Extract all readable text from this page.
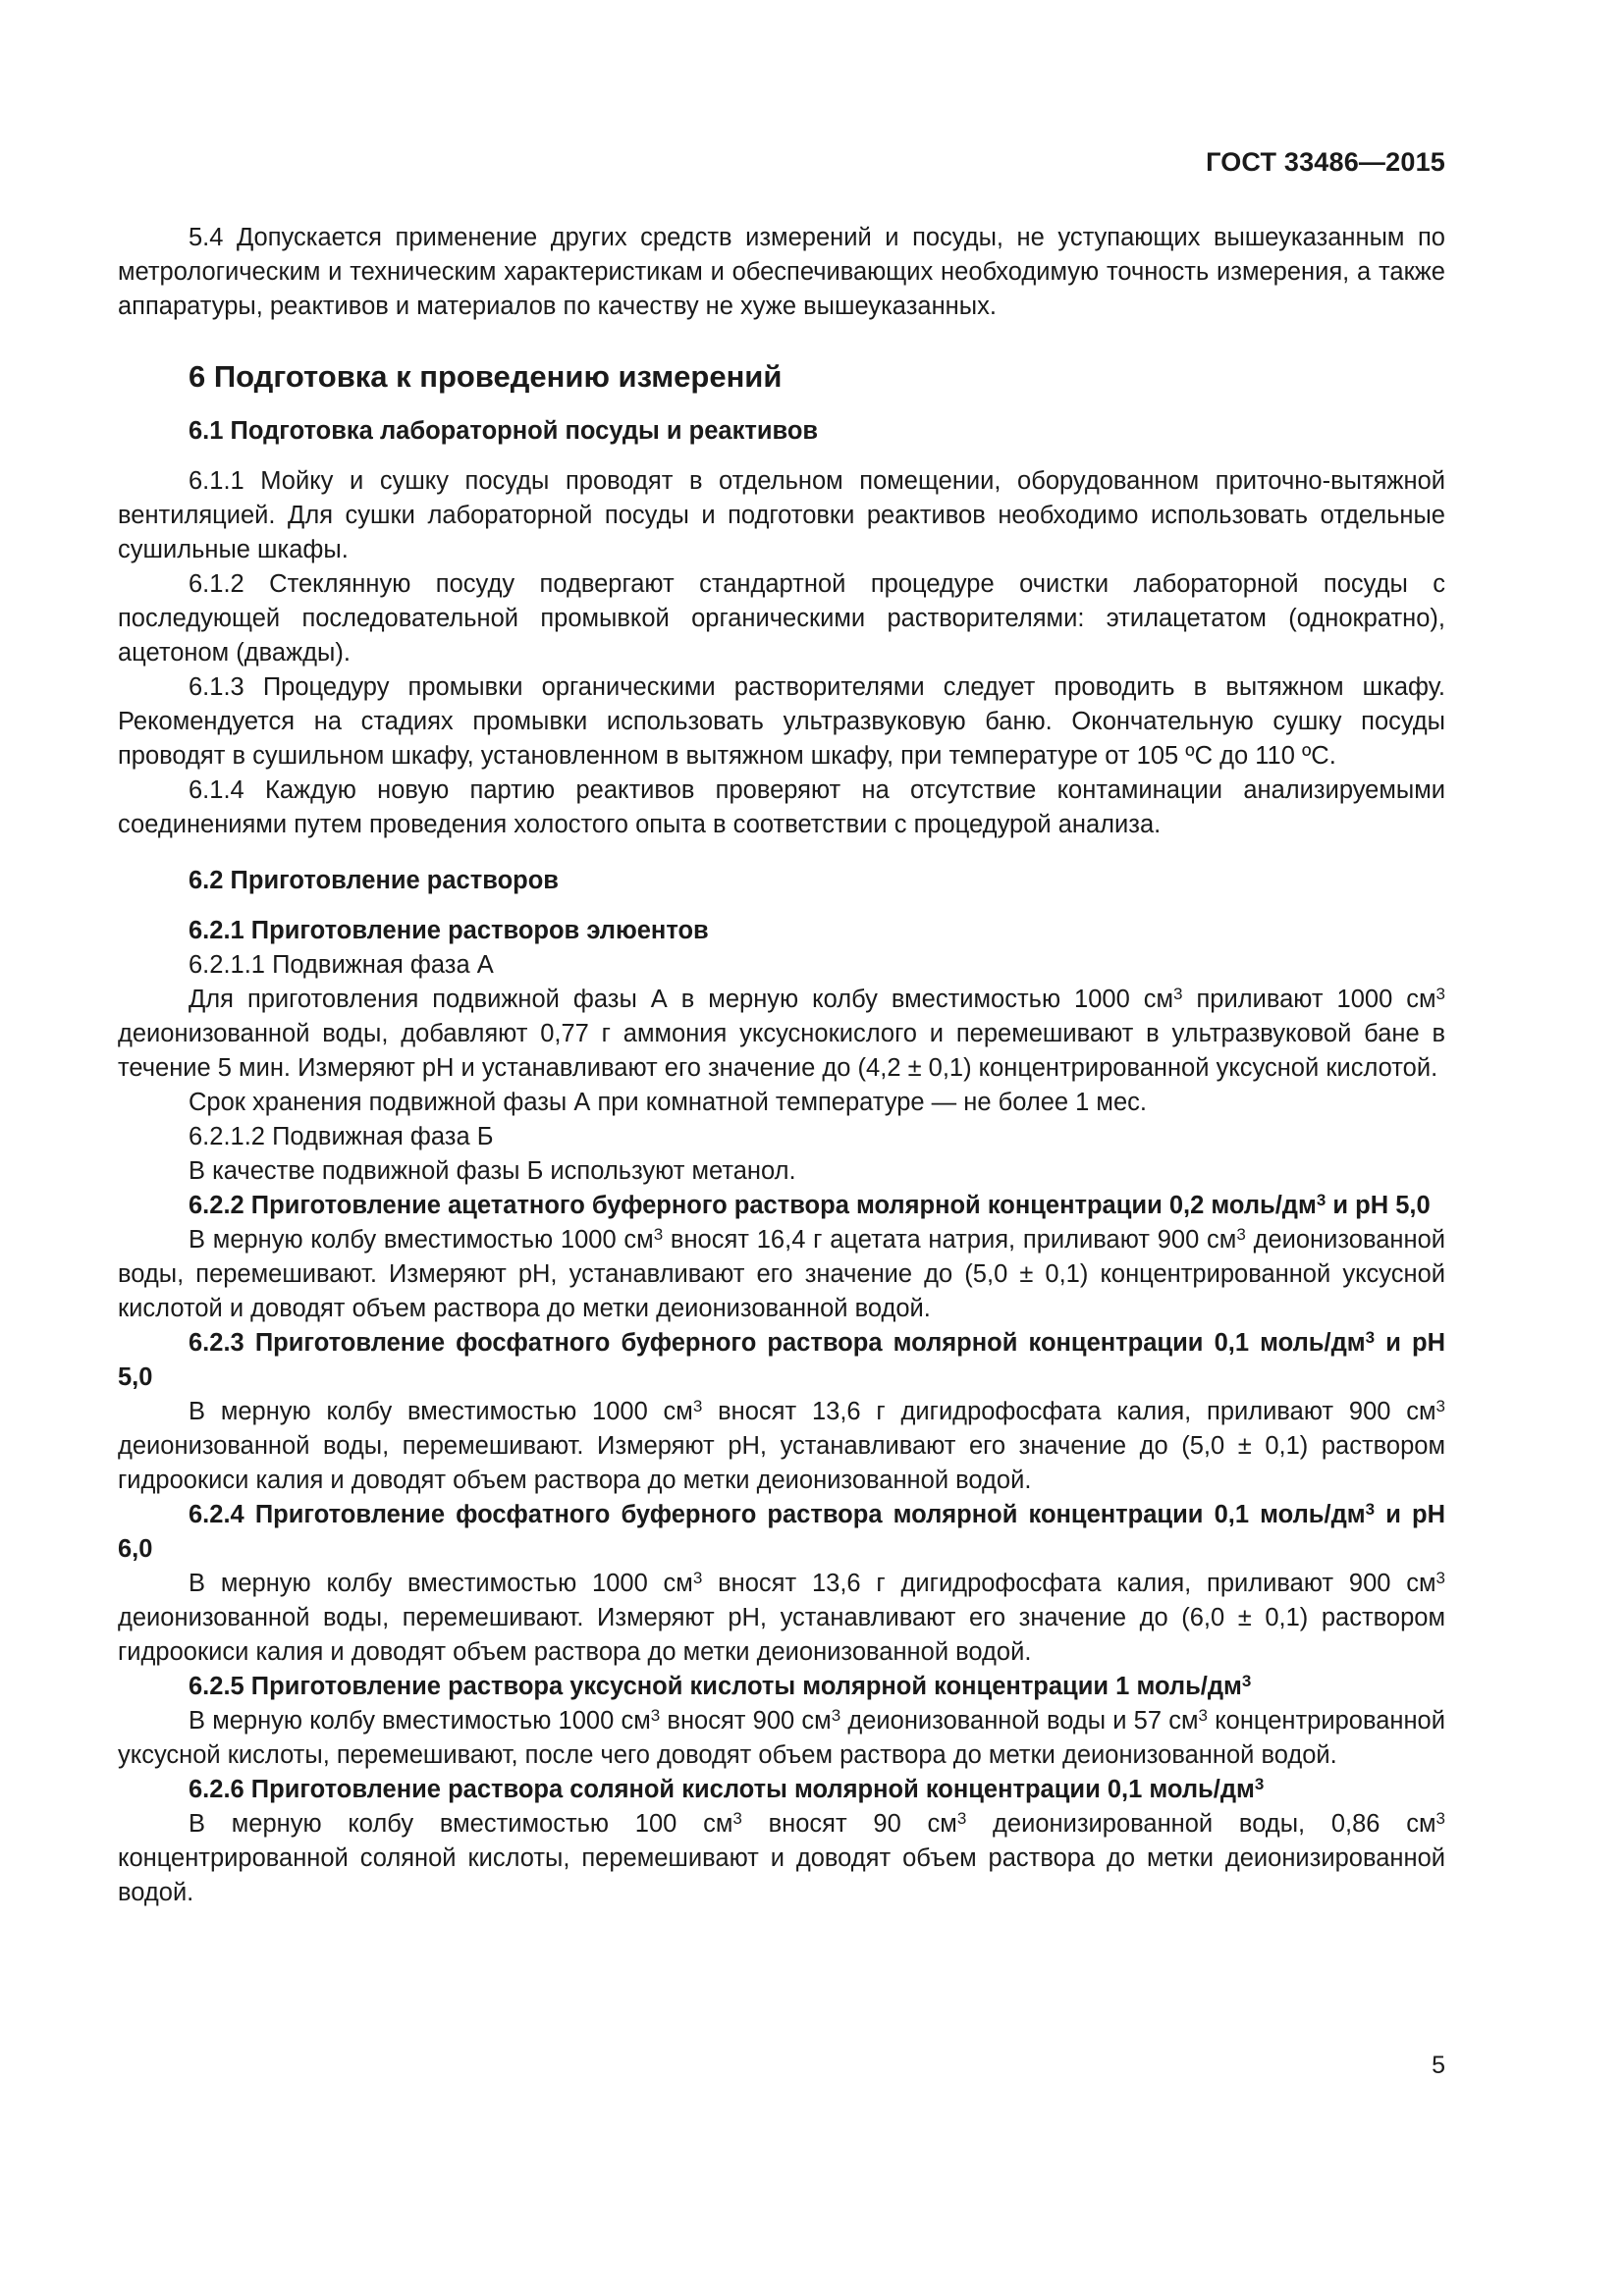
ГОСТ 33486—2015

5.4 Допускается применение других средств измерений и посуды, не уступающих вышеуказанным по метрологическим и техническим характеристикам и обеспечивающих необходимую точность измерения, а также аппаратуры, реактивов и материалов по качеству не хуже вышеуказанных.

6 Подготовка к проведению измерений
6.1 Подготовка лабораторной посуды и реактивов

6.1.1 Мойку и сушку посуды проводят в отдельном помещении, оборудованном приточно-вытяжной вентиляцией. Для сушки лабораторной посуды и подготовки реактивов необходимо использовать отдельные сушильные шкафы.

6.1.2 Стеклянную посуду подвергают стандартной процедуре очистки лабораторной посуды с последующей последовательной промывкой органическими растворителями: этилацетатом (однократно), ацетоном (дважды).

6.1.3 Процедуру промывки органическими растворителями следует проводить в вытяжном шкафу. Рекомендуется на стадиях промывки использовать ультразвуковую баню. Окончательную сушку посуды проводят в сушильном шкафу, установленном в вытяжном шкафу, при температуре от 105 ºС до 110 ºС.

6.1.4 Каждую новую партию реактивов проверяют на отсутствие контаминации анализируемыми соединениями путем проведения холостого опыта в соответствии с процедурой анализа.

6.2 Приготовление растворов
6.2.1 Приготовление растворов элюентов

6.2.1.1 Подвижная фаза А

Для приготовления подвижной фазы А в мерную колбу вместимостью 1000 $см^3$ приливают 1000 $см^3$ деионизованной воды, добавляют 0,77 г аммония уксуснокислого и перемешивают в ультразвуковой бане в течение 5 мин. Измеряют рН и устанавливают его значение до (4,2 ± 0,1) концентрированной уксусной кислотой.

Срок хранения подвижной фазы А при комнатной температуре — не более 1 мес.

6.2.1.2 Подвижная фаза Б

В качестве подвижной фазы Б используют метанол.

6.2.2 Приготовление ацетатного буферного раствора молярной концентрации 0,2 моль/$дм^3$ и рН 5,0

В мерную колбу вместимостью 1000 $см^3$ вносят 16,4 г ацетата натрия, приливают 900 $см^3$ деионизованной воды, перемешивают. Измеряют рН, устанавливают его значение до (5,0 ± 0,1) концентрированной уксусной кислотой и доводят объем раствора до метки деионизованной водой.

6.2.3 Приготовление фосфатного буферного раствора молярной концентрации 0,1 моль/$дм^3$ и рН 5,0

В мерную колбу вместимостью 1000 $см^3$ вносят 13,6 г дигидрофосфата калия, приливают 900 $см^3$ деионизованной воды, перемешивают. Измеряют рН, устанавливают его значение до (5,0 ± 0,1) раствором гидроокиси калия и доводят объем раствора до метки деионизованной водой.

6.2.4 Приготовление фосфатного буферного раствора молярной концентрации 0,1 моль/$дм^3$ и рН 6,0

В мерную колбу вместимостью 1000 $см^3$ вносят 13,6 г дигидрофосфата калия, приливают 900 $см^3$ деионизованной воды, перемешивают. Измеряют рН, устанавливают его значение до (6,0 ± 0,1) раствором гидроокиси калия и доводят объем раствора до метки деионизованной водой.

6.2.5 Приготовление раствора уксусной кислоты молярной концентрации 1 моль/$дм^3$

В мерную колбу вместимостью 1000 $см^3$ вносят 900 $см^3$ деионизованной воды и 57 $см^3$ концентрированной уксусной кислоты, перемешивают, после чего доводят объем раствора до метки деионизованной водой.

6.2.6 Приготовление раствора соляной кислоты молярной концентрации 0,1 моль/$дм^3$

В мерную колбу вместимостью 100 $см^3$ вносят 90 $см^3$ деионизированной воды, 0,86 $см^3$ концентрированной соляной кислоты, перемешивают и доводят объем раствора до метки деионизированной водой.

5
